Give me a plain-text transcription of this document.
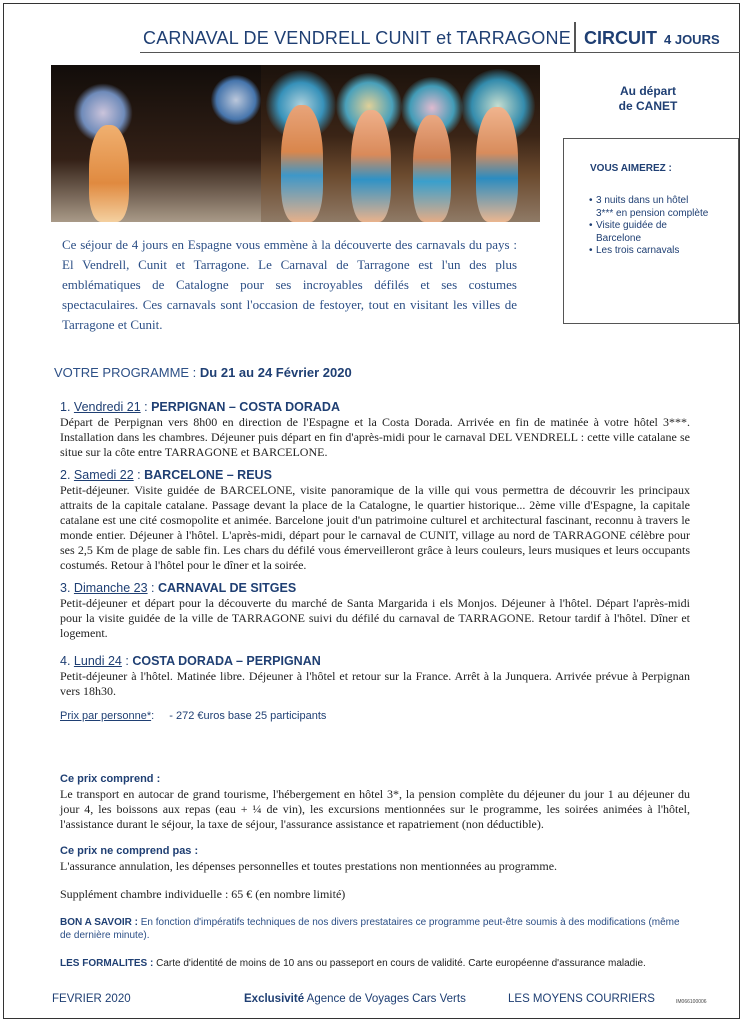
CARNAVAL DE VENDRELL CUNIT et TARRAGONE CIRCUIT 4 JOURS
Au départ
de CANET
VOUS AIMEREZ :
• 3 nuits dans un hôtel
3*** en pension complète
• Visite guidée de
Barcelone
• Les trois carnavals
Ce séjour de 4 jours en Espagne vous emmène à la découverte des carnavals du pays : El Vendrell, Cunit et Tarragone. Le Carnaval de Tarragone est l'un des plus emblématiques de Catalogne pour ses incroyables défilés et ses costumes spectaculaires. Ces carnavals sont l'occasion de festoyer, tout en visitant les villes de Tarragone et Cunit.
VOTRE PROGRAMME : Du 21 au 24 Février 2020
1. Vendredi 21 : PERPIGNAN – COSTA DORADA
Départ de Perpignan vers 8h00 en direction de l'Espagne et la Costa Dorada. Arrivée en fin de matinée à votre hôtel 3***. Installation dans les chambres. Déjeuner puis départ en fin d'après-midi pour le carnaval DEL VENDRELL : cette ville catalane se situe sur la côte entre TARRAGONE et BARCELONE.
2. Samedi 22 : BARCELONE – REUS
Petit-déjeuner. Visite guidée de BARCELONE, visite panoramique de la ville qui vous permettra de découvrir les principaux attraits de la capitale catalane. Passage devant la place de la Catalogne, le quartier historique... 2ème ville d'Espagne, la capitale catalane est une cité cosmopolite et animée. Barcelone jouit d'un patrimoine culturel et architectural fascinant, reconnu à travers le monde entier. Déjeuner à l'hôtel. L'après-midi, départ pour le carnaval de CUNIT, village au nord de TARRAGONE célèbre pour ses 2,5 Km de plage de sable fin. Les chars du défilé vous émerveilleront grâce à leurs couleurs, leurs musiques et leurs occupants costumés. Retour à l'hôtel pour le dîner et la soirée.
3. Dimanche 23 : CARNAVAL DE SITGES
Petit-déjeuner et départ pour la découverte du marché de Santa Margarida i els Monjos. Déjeuner à l'hôtel. Départ l'après-midi pour la visite guidée de la ville de TARRAGONE suivi du défilé du carnaval de TARRAGONE. Retour tardif à l'hôtel. Dîner et logement.
4. Lundi 24 : COSTA DORADA – PERPIGNAN
Petit-déjeuner à l'hôtel. Matinée libre. Déjeuner à l'hôtel et retour sur la France. Arrêt à la Junquera. Arrivée prévue à Perpignan vers 18h30.
Prix par personne*: - 272 €uros base 25 participants
Ce prix comprend :
Le transport en autocar de grand tourisme, l'hébergement en hôtel 3*, la pension complète du déjeuner du jour 1 au déjeuner du jour 4, les boissons aux repas (eau + ¼ de vin), les excursions mentionnées sur le programme, les soirées animées à l'hôtel, l'assistance durant le séjour, la taxe de séjour, l'assurance assistance et rapatriement (non déductible).
Ce prix ne comprend pas :
L'assurance annulation, les dépenses personnelles et toutes prestations non mentionnées au programme.
Supplément chambre individuelle : 65 € (en nombre limité)
BON A SAVOIR : En fonction d'impératifs techniques de nos divers prestataires ce programme peut-être soumis à des modifications (même de dernière minute).
LES FORMALITES : Carte d'identité de moins de 10 ans ou passeport en cours de validité. Carte européenne d'assurance maladie.
FEVRIER 2020	Exclusivité Agence de Voyages Cars Verts	LES MOYENS COURRIERS	IM066100006
